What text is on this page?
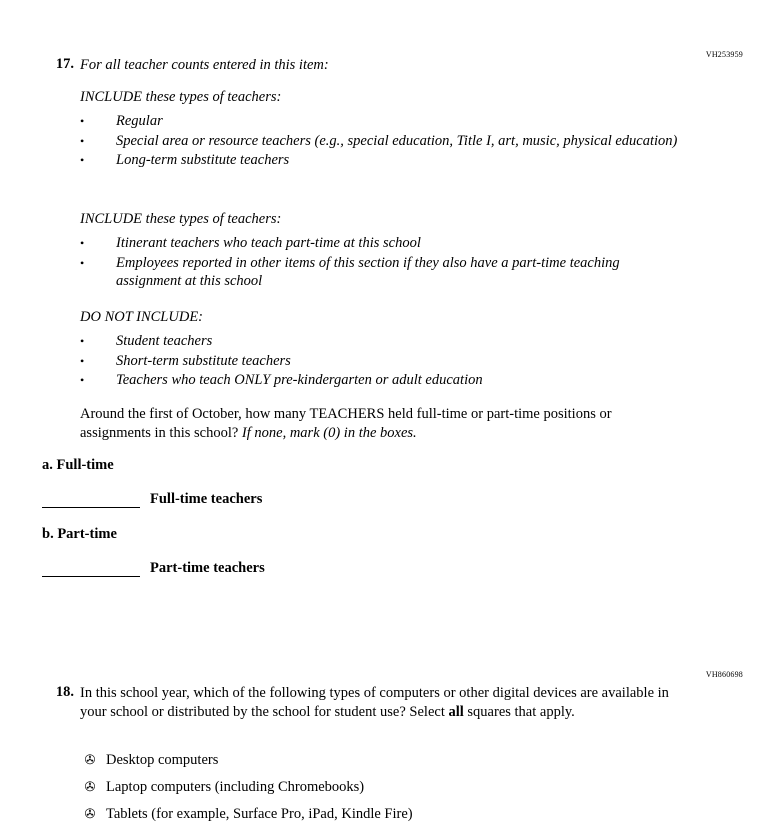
VH253959
17. For all teacher counts entered in this item:
INCLUDE these types of teachers:
• Regular
• Special area or resource teachers (e.g., special education, Title I, art, music, physical education)
• Long-term substitute teachers
INCLUDE these types of teachers:
• Itinerant teachers who teach part-time at this school
• Employees reported in other items of this section if they also have a part-time teaching assignment at this school
DO NOT INCLUDE:
• Student teachers
• Short-term substitute teachers
• Teachers who teach ONLY pre-kindergarten or adult education
Around the first of October, how many TEACHERS held full-time or part-time positions or assignments in this school? If none, mark (0) in the boxes.
a. Full-time
Full-time teachers
b. Part-time
Part-time teachers
VH860698
18. In this school year, which of the following types of computers or other digital devices are available in your school or distributed by the school for student use? Select all squares that apply.
✇ Desktop computers
✇ Laptop computers (including Chromebooks)
✇ Tablets (for example, Surface Pro, iPad, Kindle Fire)
